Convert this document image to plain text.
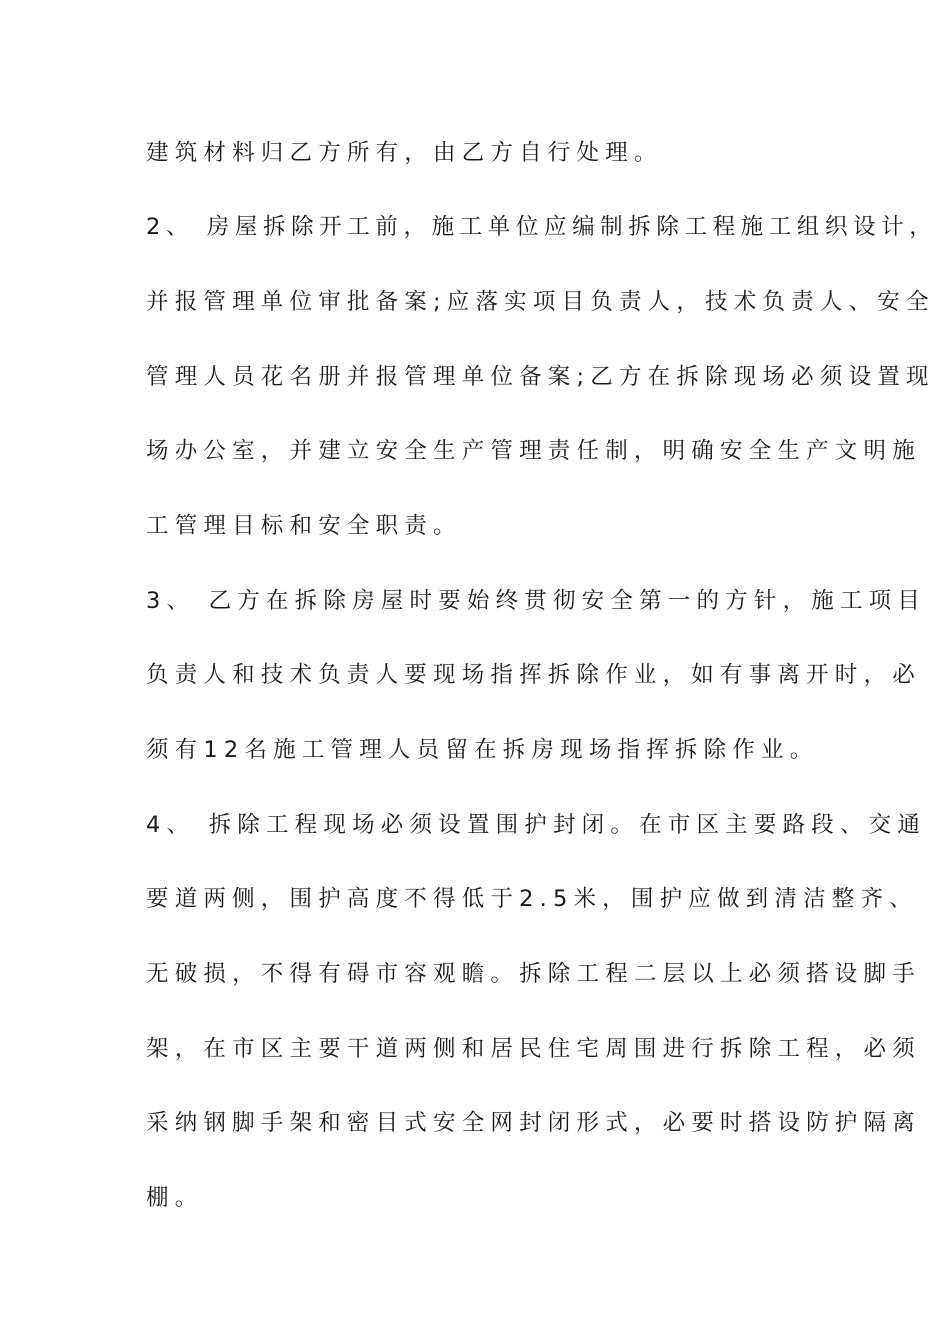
建筑材料归乙方所有，由乙方自行处理。

2、 房屋拆除开工前，施工单位应编制拆除工程施工组织设计，

并报管理单位审批备案;应落实项目负责人，技术负责人、安全

管理人员花名册并报管理单位备案;乙方在拆除现场必须设置现

场办公室，并建立安全生产管理责任制，明确安全生产文明施

工管理目标和安全职责。

3、 乙方在拆除房屋时要始终贯彻安全第一的方针，施工项目

负责人和技术负责人要现场指挥拆除作业，如有事离开时，必

须有12名施工管理人员留在拆房现场指挥拆除作业。

4、 拆除工程现场必须设置围护封闭。在市区主要路段、交通

要道两侧，围护高度不得低于2.5米，围护应做到清洁整齐、

无破损，不得有碍市容观瞻。拆除工程二层以上必须搭设脚手

架，在市区主要干道两侧和居民住宅周围进行拆除工程，必须

采纳钢脚手架和密目式安全网封闭形式，必要时搭设防护隔离

棚。
